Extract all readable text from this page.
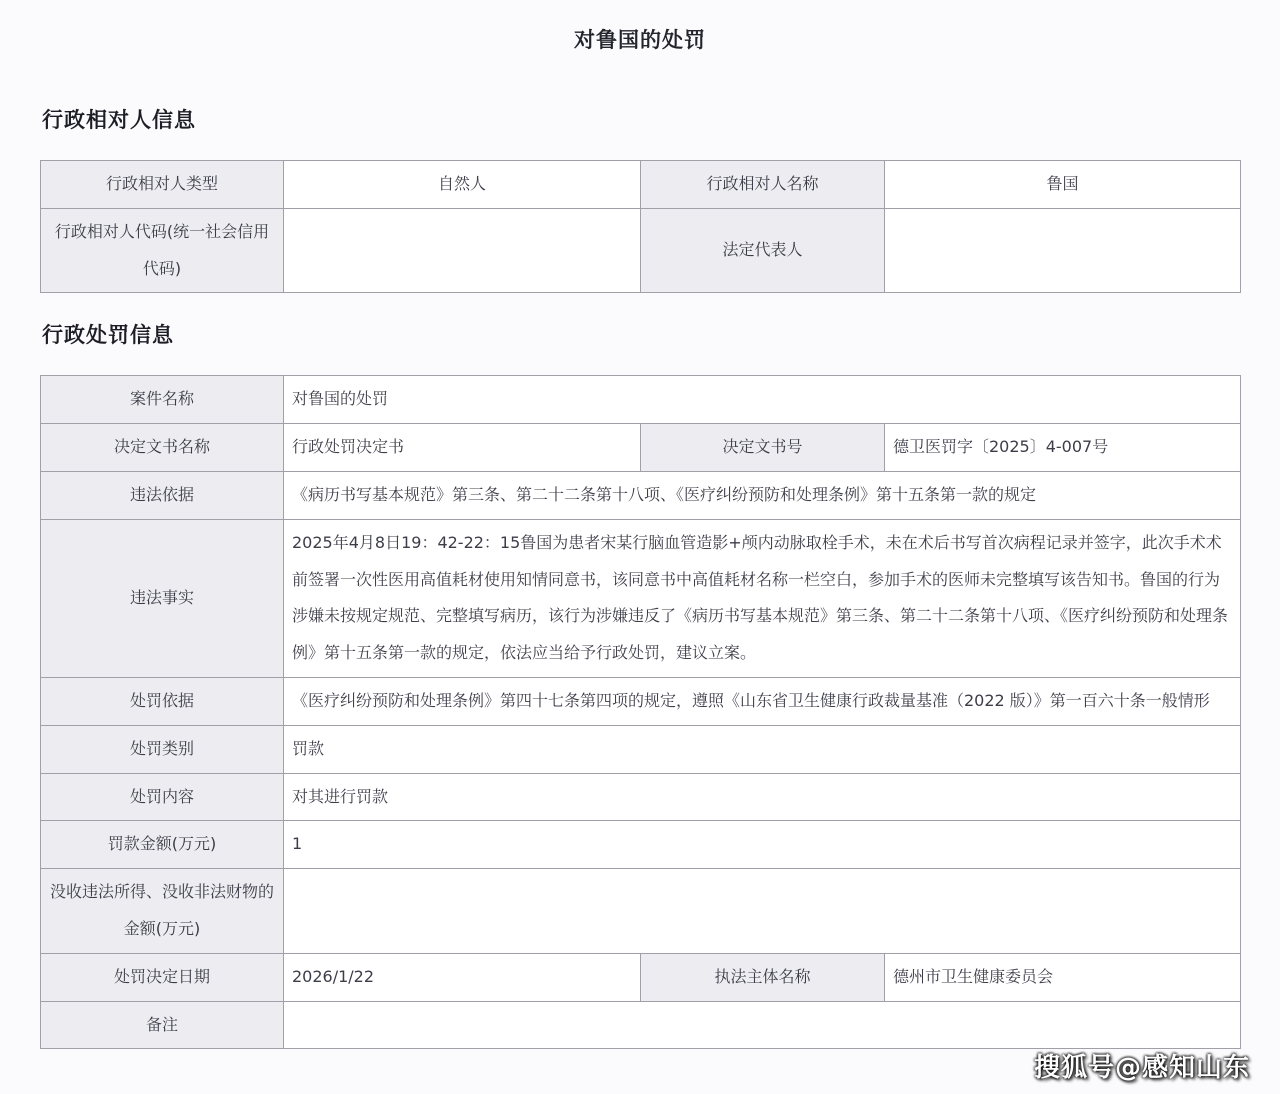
对鲁国的处罚
行政相对人信息
行政相对人类型	自然人	行政相对人名称	鲁国
行政相对人代码(统一社会信用代码)		法定代表人	
行政处罚信息
案件名称	对鲁国的处罚		
决定文书名称	行政处罚决定书	决定文书号	德卫医罚字〔2025〕4-007号
违法依据	《病历书写基本规范》第三条、第二十二条第十八项、《医疗纠纷预防和处理条例》第十五条第一款的规定		
违法事实	2025年4月8日19：42-22：15鲁国为患者宋某行脑血管造影+颅内动脉取栓手术，未在术后书写首次病程记录并签字，此次手术术前签署一次性医用高值耗材使用知情同意书，该同意书中高值耗材名称一栏空白，参加手术的医师未完整填写该告知书。鲁国的行为涉嫌未按规定规范、完整填写病历，该行为涉嫌违反了《病历书写基本规范》第三条、第二十二条第十八项、《医疗纠纷预防和处理条例》第十五条第一款的规定，依法应当给予行政处罚，建议立案。		
处罚依据	《医疗纠纷预防和处理条例》第四十七条第四项的规定，遵照《山东省卫生健康行政裁量基准（2022 版）》第一百六十条一般情形		
处罚类别	罚款		
处罚内容	对其进行罚款		
罚款金额(万元)	1		
没收违法所得、没收非法财物的金额(万元)			
处罚决定日期	2026/1/22	执法主体名称	德州市卫生健康委员会
备注			
搜狐号@感知山东
